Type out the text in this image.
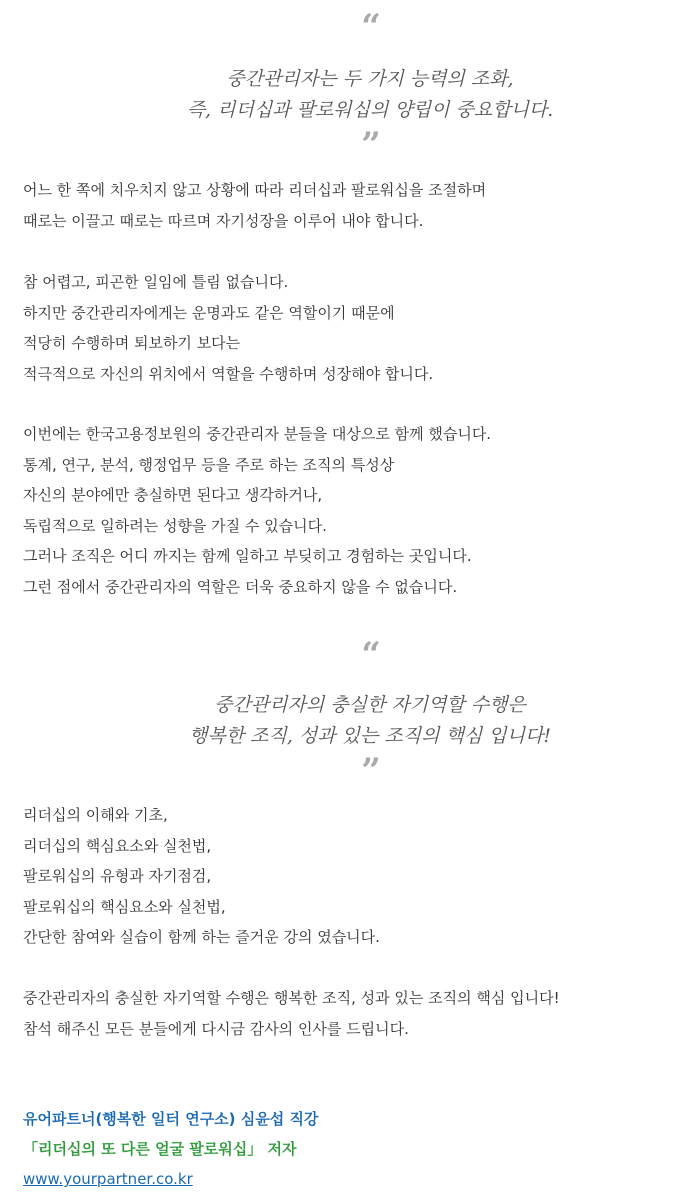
“
중간관리자는 두 가지 능력의 조화,
즉, 리더십과 팔로워십의 양립이 중요합니다.
”
어느 한 쪽에 치우치지 않고 상황에 따라 리더십과 팔로워십을 조절하며
때로는 이끌고 때로는 따르며 자기성장을 이루어 내야 합니다.
참 어렵고, 피곤한 일임에 틀림 없습니다.
하지만 중간관리자에게는 운명과도 같은 역할이기 때문에
적당히 수행하며 퇴보하기 보다는
적극적으로 자신의 위치에서 역할을 수행하며 성장해야 합니다.
이번에는 한국고용정보원의 중간관리자 분들을 대상으로 함께 했습니다.
통계, 연구, 분석, 행정업무 등을 주로 하는 조직의 특성상
자신의 분야에만 충실하면 된다고 생각하거나,
독립적으로 일하려는 성향을 가질 수 있습니다.
그러나 조직은 어디 까지는 함께 일하고 부딪히고 경험하는 곳입니다.
그런 점에서 중간관리자의 역할은 더욱 중요하지 않을 수 없습니다.
“
중간관리자의 충실한 자기역할 수행은
행복한 조직, 성과 있는 조직의 핵심 입니다!
”
리더십의 이해와 기초,
리더십의 핵심요소와 실천법,
팔로워십의 유형과 자기점검,
팔로워십의 핵심요소와 실천법,
간단한 참여와 실습이 함께 하는 즐거운 강의 였습니다.
중간관리자의 충실한 자기역할 수행은 행복한 조직, 성과 있는 조직의 핵심 입니다!
참석 해주신 모든 분들에게 다시금 감사의 인사를 드립니다.
유어파트너(행복한 일터 연구소) 심윤섭 직강
「리더십의 또 다른 얼굴 팔로워십」 저자
www.yourpartner.co.kr
